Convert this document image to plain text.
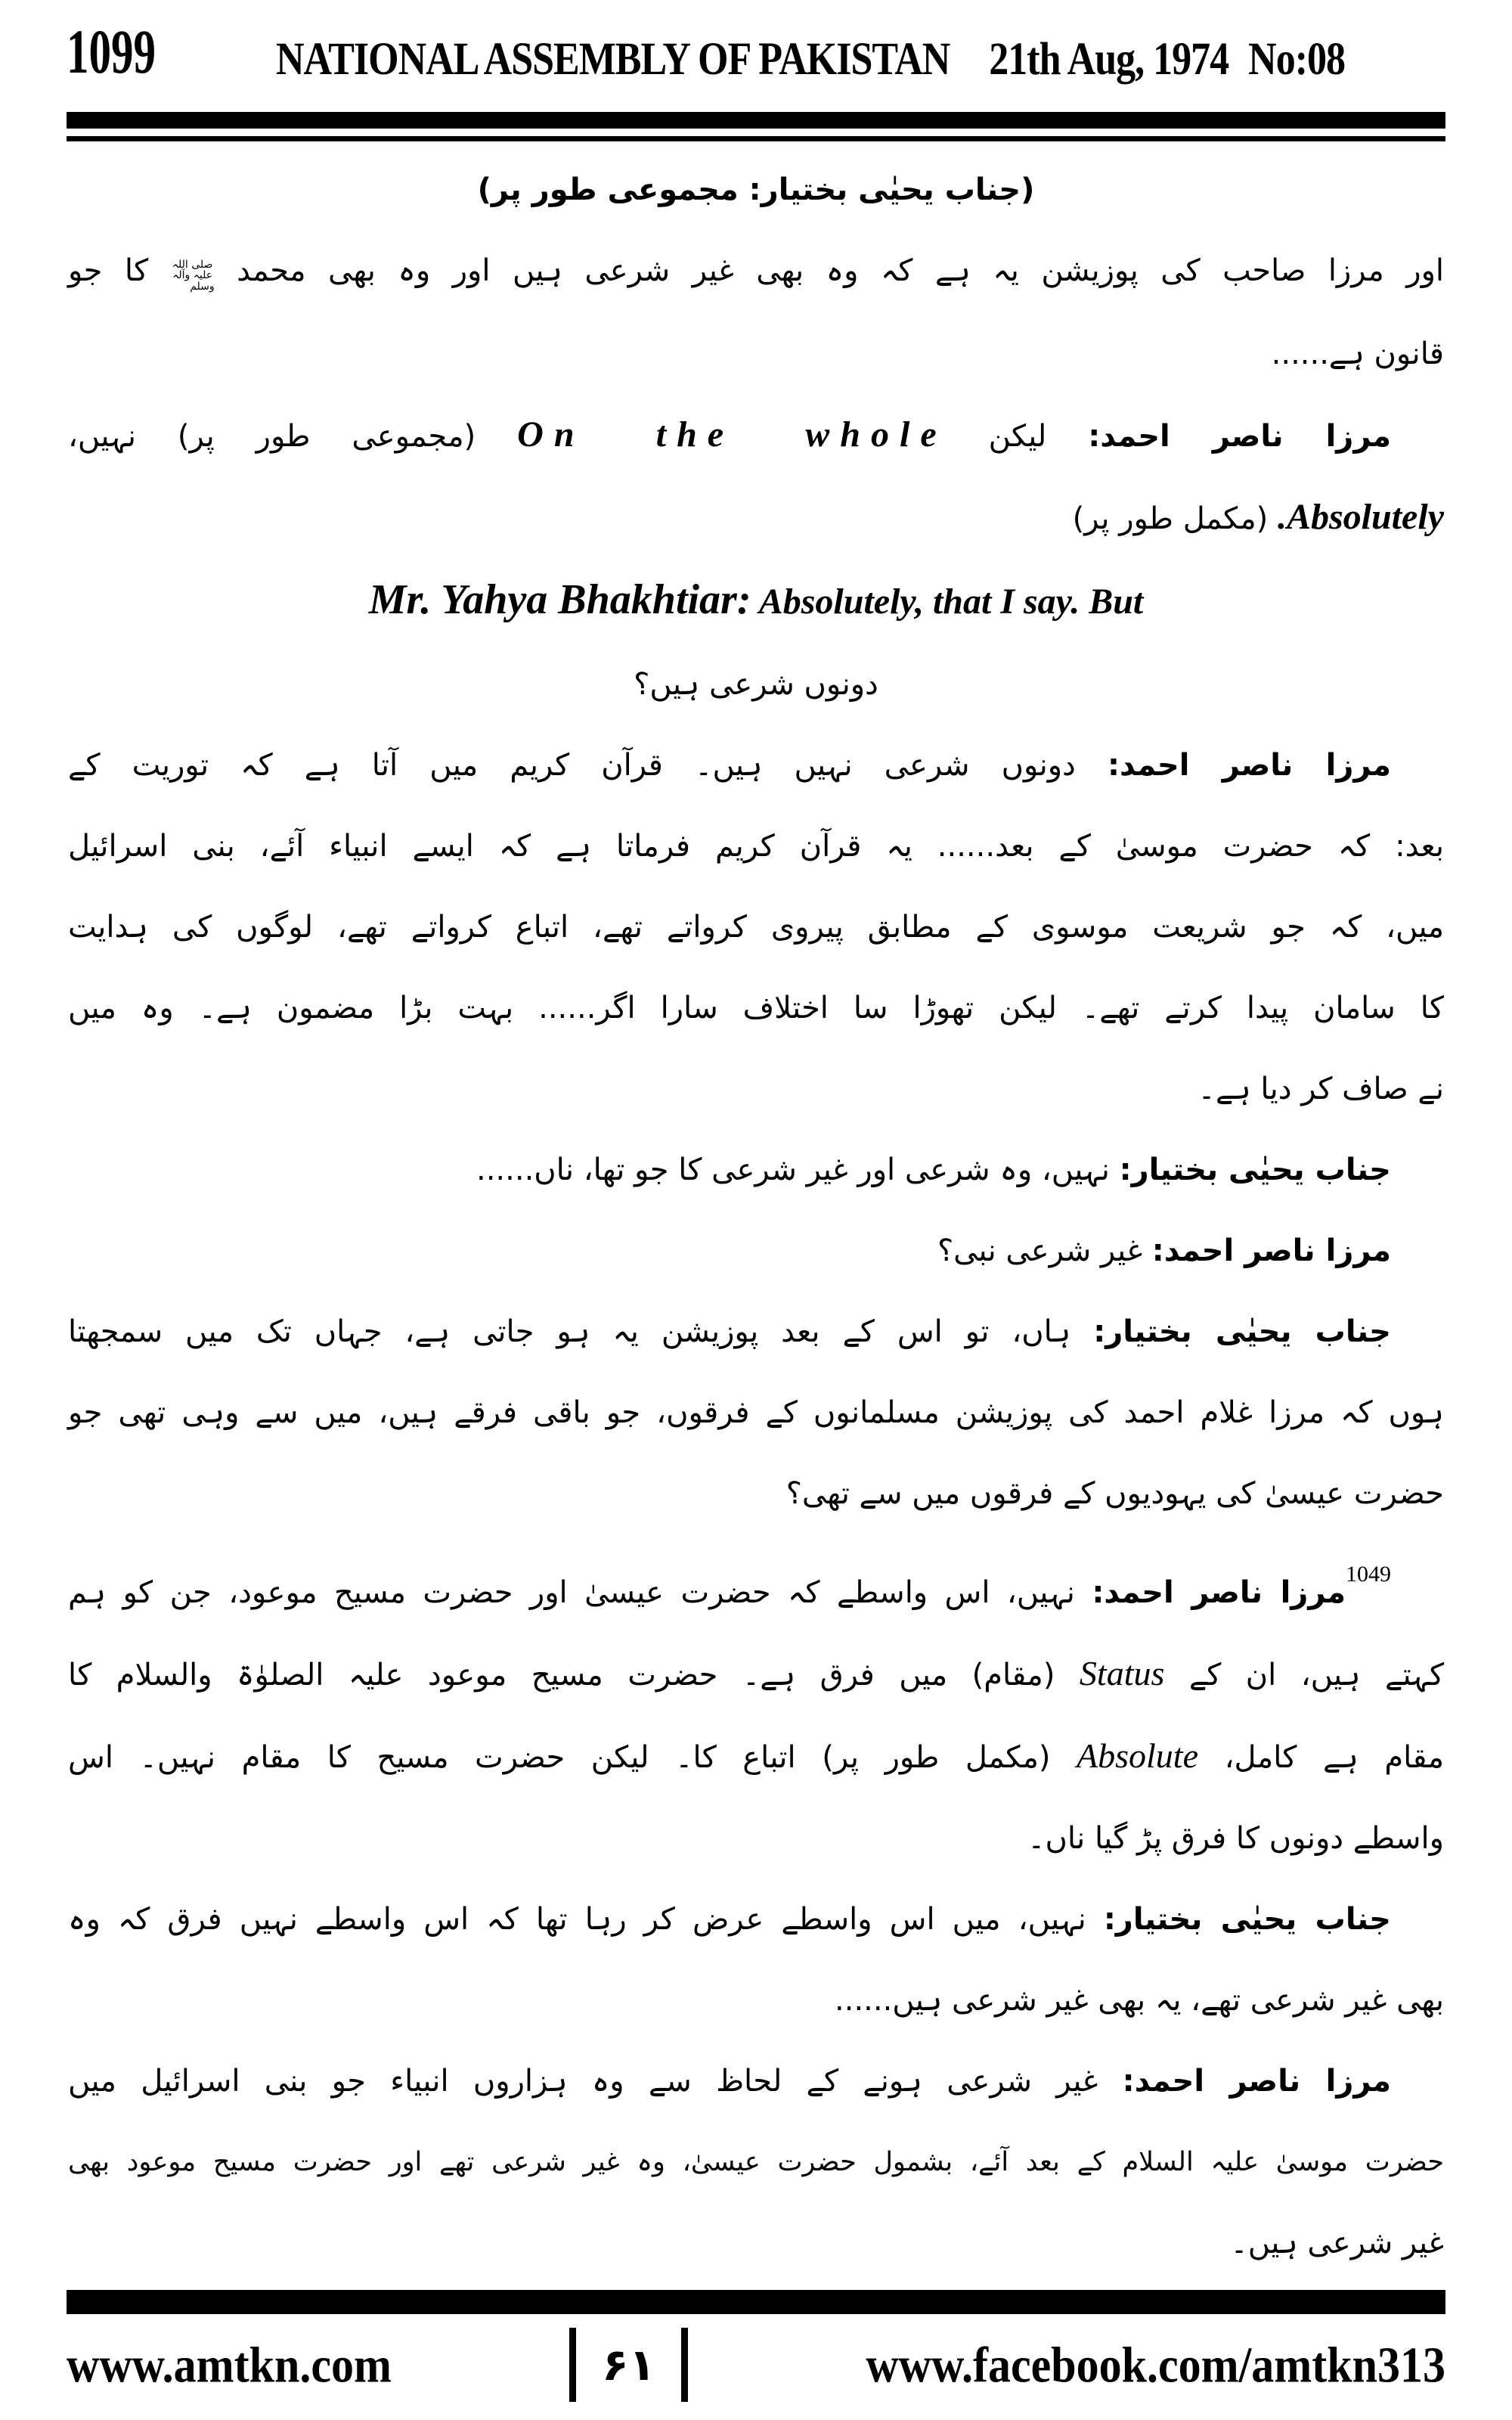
1099	NATIONAL ASSEMBLY OF PAKISTAN 21th Aug, 1974 No:08
(جناب یحیٰی بختیار: مجموعی طور پر)
اور مرزا صاحب کی پوزیشن یہ ہے کہ وہ بھی غیر شرعی ہیں اور وہ بھی محمد صلی اللہ علیہ وآلہ وسلم کا جو
قانون ہے......
مرزا ناصر احمد: لیکن On the whole (مجموعی طور پر) نہیں،
Absolutely. (مکمل طور پر)
Mr. Yahya Bhakhtiar: Absolutely, that I say. But
دونوں شرعی ہیں؟
مرزا ناصر احمد: دونوں شرعی نہیں ہیں۔ قرآن کریم میں آتا ہے کہ توریت کے
بعد: کہ حضرت موسیٰ کے بعد...... یہ قرآن کریم فرماتا ہے کہ ایسے انبیاء آئے، بنی اسرائیل
میں، کہ جو شریعت موسوی کے مطابق پیروی کرواتے تھے، اتباع کرواتے تھے، لوگوں کی ہدایت
کا سامان پیدا کرتے تھے۔ لیکن تھوڑا سا اختلاف سارا اگر...... بہت بڑا مضمون ہے۔ وہ میں
نے صاف کر دیا ہے۔
جناب یحیٰی بختیار: نہیں، وہ شرعی اور غیر شرعی کا جو تھا، ناں......
مرزا ناصر احمد: غیر شرعی نبی؟
جناب یحیٰی بختیار: ہاں، تو اس کے بعد پوزیشن یہ ہو جاتی ہے، جہاں تک میں سمجھتا
ہوں کہ مرزا غلام احمد کی پوزیشن مسلمانوں کے فرقوں، جو باقی فرقے ہیں، میں سے وہی تھی جو
حضرت عیسیٰ کی یہودیوں کے فرقوں میں سے تھی؟
$^{1049}$مرزا ناصر احمد: نہیں، اس واسطے کہ حضرت عیسیٰ اور حضرت مسیح موعود، جن کو ہم
کہتے ہیں، ان کے Status (مقام) میں فرق ہے۔ حضرت مسیح موعود علیہ الصلوٰۃ والسلام کا
مقام ہے کامل، Absolute (مکمل طور پر) اتباع کا۔ لیکن حضرت مسیح کا مقام نہیں۔ اس
واسطے دونوں کا فرق پڑ گیا ناں۔
جناب یحیٰی بختیار: نہیں، میں اس واسطے عرض کر رہا تھا کہ اس واسطے نہیں فرق کہ وہ
بھی غیر شرعی تھے، یہ بھی غیر شرعی ہیں......
مرزا ناصر احمد: غیر شرعی ہونے کے لحاظ سے وہ ہزاروں انبیاء جو بنی اسرائیل میں
حضرت موسیٰ علیہ السلام کے بعد آئے، بشمول حضرت عیسیٰ، وہ غیر شرعی تھے اور حضرت مسیح موعود بھی
غیر شرعی ہیں۔
www.amtkn.com	۶۱	www.facebook.com/amtkn313
